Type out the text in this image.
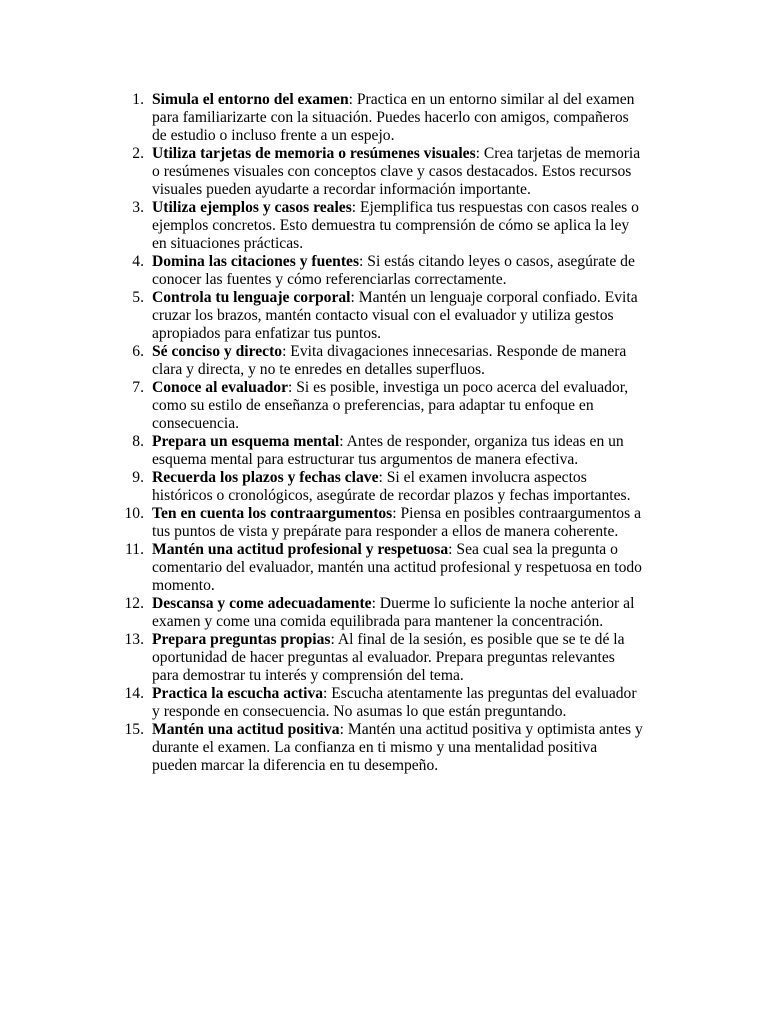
1. Simula el entorno del examen: Practica en un entorno similar al del examen para familiarizarte con la situación. Puedes hacerlo con amigos, compañeros de estudio o incluso frente a un espejo.
2. Utiliza tarjetas de memoria o resúmenes visuales: Crea tarjetas de memoria o resúmenes visuales con conceptos clave y casos destacados. Estos recursos visuales pueden ayudarte a recordar información importante.
3. Utiliza ejemplos y casos reales: Ejemplifica tus respuestas con casos reales o ejemplos concretos. Esto demuestra tu comprensión de cómo se aplica la ley en situaciones prácticas.
4. Domina las citaciones y fuentes: Si estás citando leyes o casos, asegúrate de conocer las fuentes y cómo referenciarlas correctamente.
5. Controla tu lenguaje corporal: Mantén un lenguaje corporal confiado. Evita cruzar los brazos, mantén contacto visual con el evaluador y utiliza gestos apropiados para enfatizar tus puntos.
6. Sé conciso y directo: Evita divagaciones innecesarias. Responde de manera clara y directa, y no te enredes en detalles superfluos.
7. Conoce al evaluador: Si es posible, investiga un poco acerca del evaluador, como su estilo de enseñanza o preferencias, para adaptar tu enfoque en consecuencia.
8. Prepara un esquema mental: Antes de responder, organiza tus ideas en un esquema mental para estructurar tus argumentos de manera efectiva.
9. Recuerda los plazos y fechas clave: Si el examen involucra aspectos históricos o cronológicos, asegúrate de recordar plazos y fechas importantes.
10. Ten en cuenta los contraargumentos: Piensa en posibles contraargumentos a tus puntos de vista y prepárate para responder a ellos de manera coherente.
11. Mantén una actitud profesional y respetuosa: Sea cual sea la pregunta o comentario del evaluador, mantén una actitud profesional y respetuosa en todo momento.
12. Descansa y come adecuadamente: Duerme lo suficiente la noche anterior al examen y come una comida equilibrada para mantener la concentración.
13. Prepara preguntas propias: Al final de la sesión, es posible que se te dé la oportunidad de hacer preguntas al evaluador. Prepara preguntas relevantes para demostrar tu interés y comprensión del tema.
14. Practica la escucha activa: Escucha atentamente las preguntas del evaluador y responde en consecuencia. No asumas lo que están preguntando.
15. Mantén una actitud positiva: Mantén una actitud positiva y optimista antes y durante el examen. La confianza en ti mismo y una mentalidad positiva pueden marcar la diferencia en tu desempeño.
